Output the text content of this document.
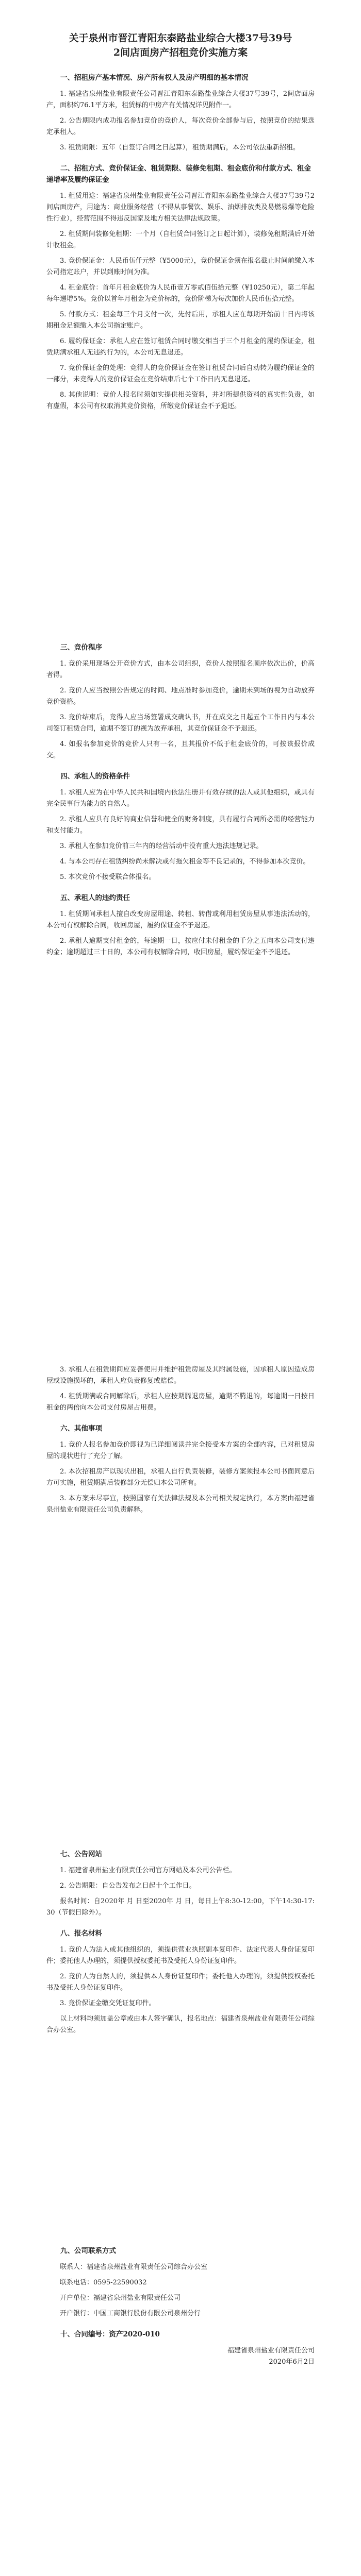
关于泉州市晋江青阳东泰路盐业综合大楼37号39号
2间店面房产招租竞价实施方案
一、招租房产基本情况、房产所有权人及房产明细的基本情况

1. 福建省泉州盐业有限责任公司晋江青阳东泰路盐业综合大楼37号39号，2间店面房产，面积约76.1平方米，租赁标的中房产有关情况详见附件一。

2. 公告期限内成功报名参加竞价的竞价人，每次竞价全部参与后，按照竞价的结果选定承租人。

3. 租赁期限：五年（自签订合同之日起算），租赁期满后，本公司依法重新招租。

二、招租方式、竞价保证金、租赁期限、装修免租期、租金底价和付款方式、租金递增率及履约保证金

1. 租赁用途：福建省泉州盐业有限责任公司晋江青阳东泰路盐业综合大楼37号39号2间店面房产，用途为：商业服务经营（不得从事餐饮、娱乐、油烟排放类及易燃易爆等危险性行业），经营范围不得违反国家及地方相关法律法规政策。

2. 租赁期间装修免租期：一个月（自租赁合同签订之日起计算），装修免租期满后开始计收租金。

3. 竞价保证金：人民币伍仟元整（¥5000元），竞价保证金须在报名截止时间前缴入本公司指定账户，并以到账时间为准。

4. 租金底价：首年月租金底价为人民币壹万零贰佰伍拾元整（¥10250元），第二年起每年递增5%。竞价以首年月租金为竞价标的，竞价阶梯为每次加价人民币伍拾元整。

5. 付款方式：租金每三个月支付一次，先付后用，承租人应在每期开始前十日内将该期租金足额缴入本公司指定账户。

6. 履约保证金：承租人应在签订租赁合同时缴交相当于三个月租金的履约保证金，租赁期满承租人无违约行为的，本公司无息退还。

7. 竞价保证金的处理：竞得人的竞价保证金在签订租赁合同后自动转为履约保证金的一部分，未竞得人的竞价保证金在竞价结束后七个工作日内无息退还。

8. 其他说明：竞价人报名时须如实提供相关资料，并对所提供资料的真实性负责，如有虚假，本公司有权取消其竞价资格，所缴竞价保证金不予退还。

三、竞价程序

1. 竞价采用现场公开竞价方式，由本公司组织，竞价人按照报名顺序依次出价，价高者得。

2. 竞价人应当按照公告规定的时间、地点准时参加竞价，逾期未到场的视为自动放弃竞价资格。

3. 竞价结束后，竞得人应当场签署成交确认书，并在成交之日起五个工作日内与本公司签订租赁合同，逾期不签订的视为放弃承租，其竞价保证金不予退还。

4. 如报名参加竞价的竞价人只有一名，且其报价不低于租金底价的，可按该报价成交。

四、承租人的资格条件

1. 承租人应为在中华人民共和国境内依法注册并有效存续的法人或其他组织，或具有完全民事行为能力的自然人。

2. 承租人应具有良好的商业信誉和健全的财务制度，具有履行合同所必需的经营能力和支付能力。

3. 承租人在参加竞价前三年内的经营活动中没有重大违法违规记录。

4. 与本公司存在租赁纠纷尚未解决或有拖欠租金等不良记录的，不得参加本次竞价。

5. 本次竞价不接受联合体报名。

五、承租人的违约责任

1. 租赁期间承租人擅自改变房屋用途、转租、转借或利用租赁房屋从事违法活动的，本公司有权解除合同，收回房屋，履约保证金不予退还。

2. 承租人逾期支付租金的，每逾期一日，按应付未付租金的千分之五向本公司支付违约金；逾期超过三十日的，本公司有权解除合同，收回房屋，履约保证金不予退还。

3. 承租人在租赁期间应妥善使用并维护租赁房屋及其附属设施，因承租人原因造成房屋或设施损坏的，承租人应负责修复或赔偿。

4. 租赁期满或合同解除后，承租人应按期腾退房屋，逾期不腾退的，每逾期一日按日租金的两倍向本公司支付房屋占用费。

六、其他事项

1. 竞价人报名参加竞价即视为已详细阅读并完全接受本方案的全部内容，已对租赁房屋的现状进行了充分了解。

2. 本次招租房产以现状出租，承租人自行负责装修，装修方案须报本公司书面同意后方可实施，租赁期满后装修部分无偿归本公司所有。

3. 本方案未尽事宜，按照国家有关法律法规及本公司相关规定执行，本方案由福建省泉州盐业有限责任公司负责解释。

七、公告网站

1. 福建省泉州盐业有限责任公司官方网站及本公司公告栏。

2. 公告期限：自公告发布之日起十个工作日。

报名时间：自2020年 月 日至2020年 月 日，每日上午8:30-12:00，下午14:30-17:30（节假日除外）。

八、报名材料

1. 竞价人为法人或其他组织的，须提供营业执照副本复印件、法定代表人身份证复印件；委托他人办理的，须提供授权委托书及受托人身份证复印件。

2. 竞价人为自然人的，须提供本人身份证复印件；委托他人办理的，须提供授权委托书及受托人身份证复印件。

3. 竞价保证金缴交凭证复印件。

以上材料均须加盖公章或由本人签字确认，报名地点：福建省泉州盐业有限责任公司综合办公室。

九、公司联系方式

联系人：福建省泉州盐业有限责任公司综合办公室

联系电话：0595-22590032

开户单位：福建省泉州盐业有限责任公司

开户银行：中国工商银行股份有限公司泉州分行

十、合同编号：资产2020-010
福建省泉州盐业有限责任公司
2020年6月2日
